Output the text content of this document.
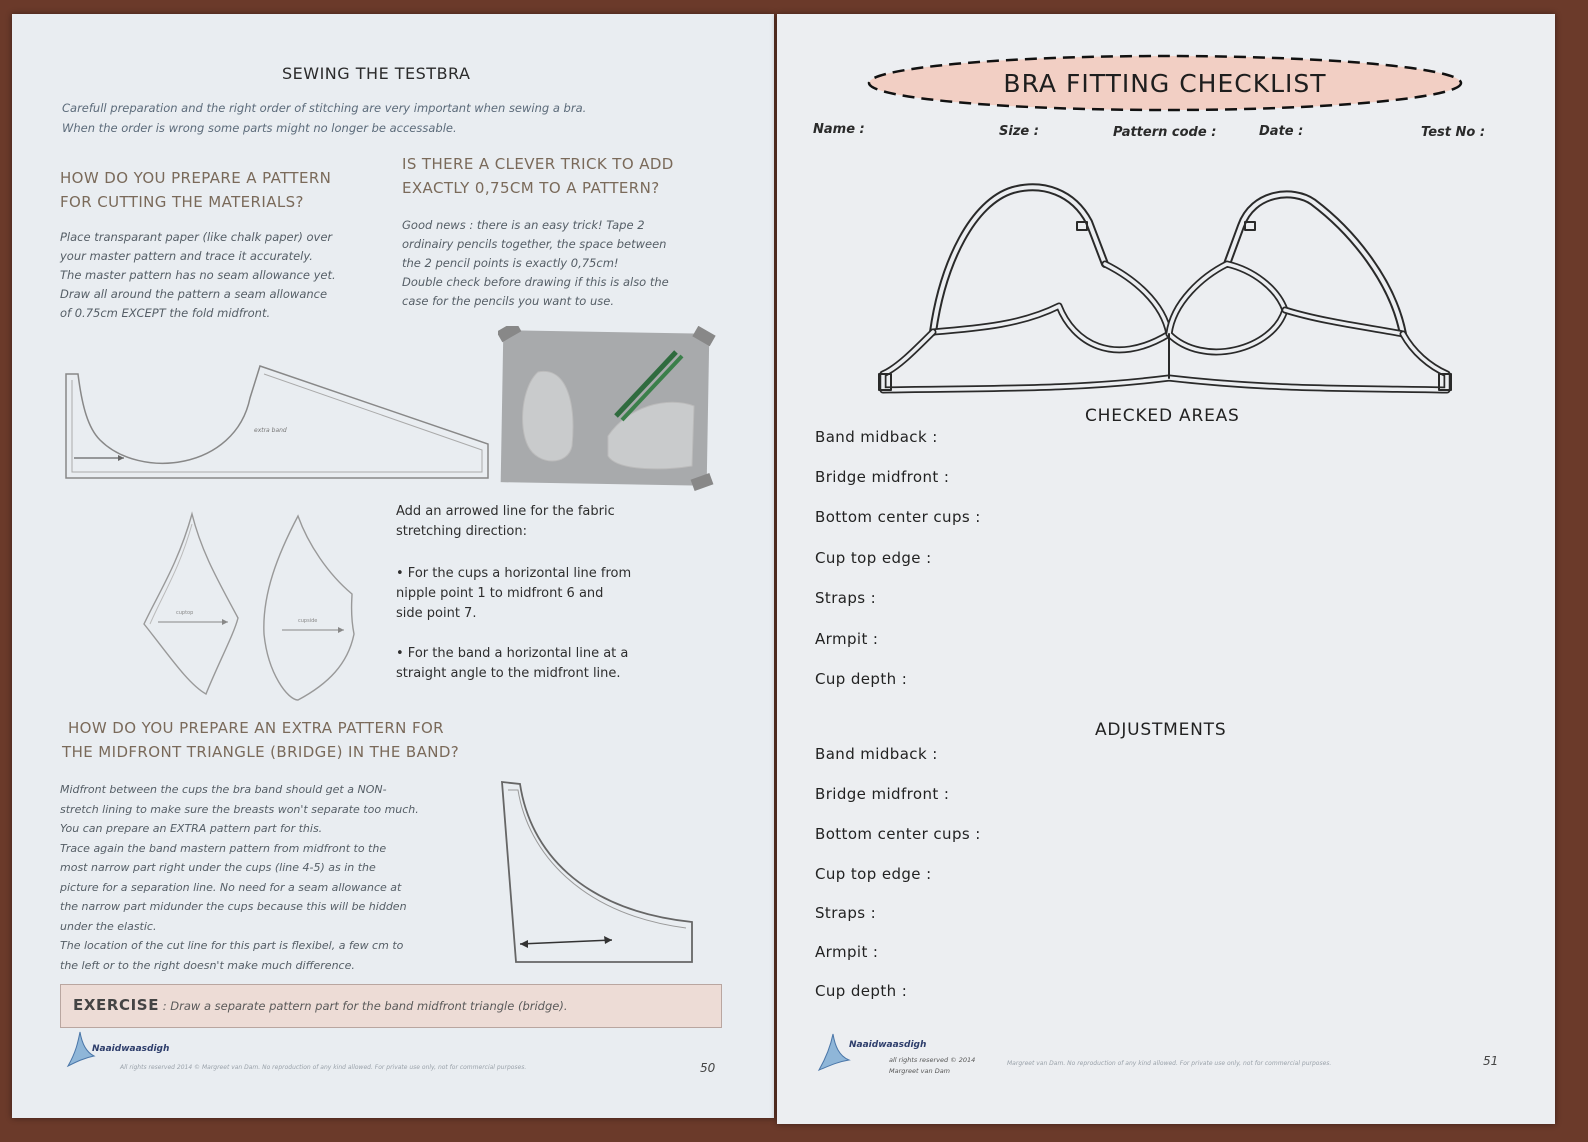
SEWING THE TESTBRA
Carefull preparation and the right order of stitching are very important when sewing a bra.
When the order is wrong some parts might no longer be accessable.
HOW DO YOU PREPARE A PATTERN
FOR CUTTING THE MATERIALS?
Place transparant paper (like chalk paper) over
your master pattern and trace it accurately.
The master pattern has no seam allowance yet.
Draw all around the pattern a seam allowance
of 0.75cm EXCEPT the fold midfront.
IS THERE A CLEVER TRICK TO ADD
EXACTLY 0,75CM TO A PATTERN?
Good news : there is an easy trick! Tape 2
ordinairy pencils together, the space between
the 2 pencil points is exactly 0,75cm!
Double check before drawing if this is also the
case for the pencils you want to use.
extra band
cuptop
cupside
Add an arrowed line for the fabric
stretching direction:
• For the cups a horizontal line from
nipple point 1 to midfront 6 and
side point 7.
• For the band a horizontal line at a
straight angle to the midfront line.
HOW DO YOU PREPARE AN EXTRA PATTERN FOR
THE MIDFRONT TRIANGLE (BRIDGE) IN THE BAND?
Midfront between the cups the bra band should get a NON-
stretch lining to make sure the breasts won't separate too much.
You can prepare an EXTRA pattern part for this.
Trace again the band mastern pattern from midfront to the
most narrow part right under the cups (line 4-5) as in the
picture for a separation line. No need for a seam allowance at
the narrow part midunder the cups because this will be hidden
under the elastic.
The location of the cut line for this part is flexibel, a few cm to
the left or to the right doesn't make much difference.
EXERCISE : Draw a separate pattern part for the band midfront triangle (bridge).
Naaidwaasdigh
All rights reserved 2014 © Margreet van Dam. No reproduction of any kind allowed. For private use only, not for commercial purposes.	50
BRA FITTING CHECKLIST
Name :	Size :	Pattern code :	Date :	Test No :
CHECKED AREAS
Band midback :
Bridge midfront :
Bottom center cups :
Cup top edge :
Straps :
Armpit :
Cup depth :
ADJUSTMENTS
Band midback :
Bridge midfront :
Bottom center cups :
Cup top edge :
Straps :
Armpit :
Cup depth :
Naaidwaasdigh
all rights reserved © 2014
Margreet van Dam
Margreet van Dam. No reproduction of any kind allowed. For private use only, not for commercial purposes.	51
